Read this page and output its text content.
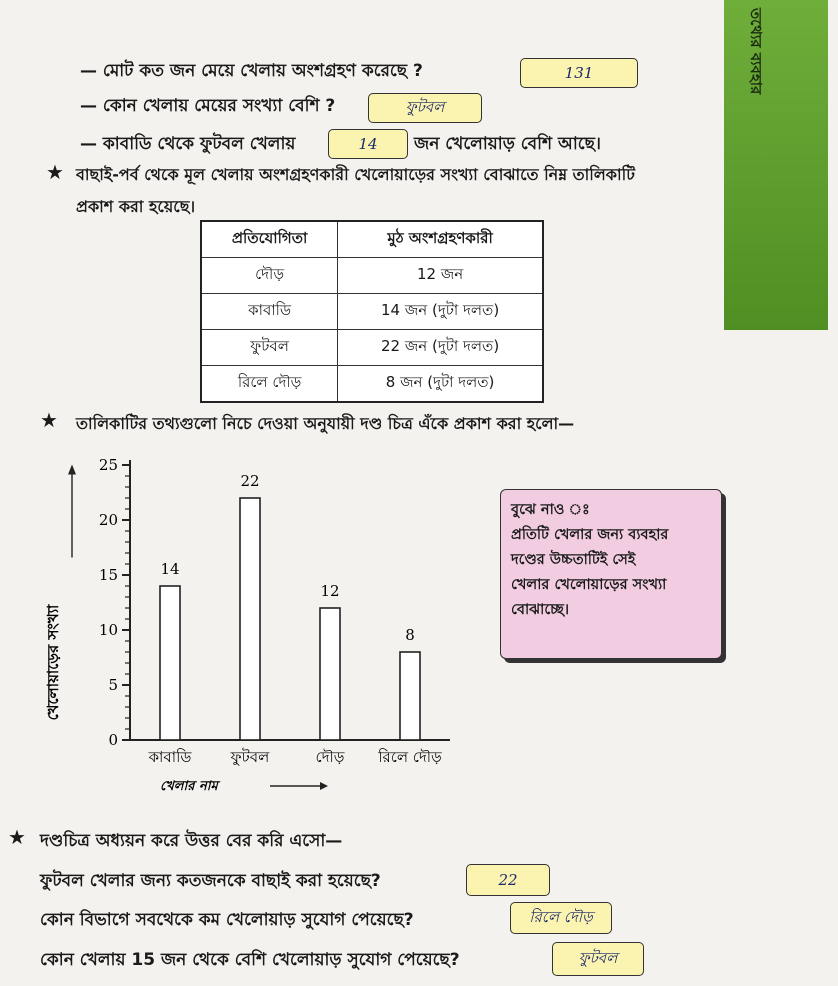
তথ্যের ব্যবহার
— মোট কত জন মেয়ে খেলায় অংশগ্রহণ করেছে ?	131
— কোন খেলায় মেয়ের সংখ্যা বেশি ?	ফুটবল
— কাবাডি থেকে ফুটবল খেলায়	14	জন খেলোয়াড় বেশি আছে।
★ বাছাই-পর্ব থেকে মূল খেলায় অংশগ্রহণকারী খেলোয়াড়ের সংখ্যা বোঝাতে নিম্ন তালিকাটি
প্রকাশ করা হয়েছে।
প্রতিযোগিতা	মুঠ অংশগ্রহণকারী
দৌড়	12 জন
কাবাডি	14 জন (দুটা দলত)
ফুটবল	22 জন (দুটা দলত)
রিলে দৌড়	8 জন (দুটা দলত)
★ তালিকাটির তথ্যগুলো নিচে দেওয়া অনুযায়ী দণ্ড চিত্র এঁকে প্রকাশ করা হলো—
0
5
10
15
20
25
14
কাবাডি
22
ফুটবল
12
দৌড়
8
রিলে দৌড়
খেলার নাম
খেলোয়াড়ের সংখ্যা
বুঝে নাও ঃ
প্রতিটি খেলার জন্য ব্যবহার
দণ্ডের উচ্চতাটিই সেই
খেলার খেলোয়াড়ের সংখ্যা
বোঝাচ্ছে।
★ দণ্ডচিত্র অধ্যয়ন করে উত্তর বের করি এসো—
ফুটবল খেলার জন্য কতজনকে বাছাই করা হয়েছে?	22
কোন বিভাগে সবথেকে কম খেলোয়াড় সুযোগ পেয়েছে?	রিলে দৌড়
কোন খেলায় 15 জন থেকে বেশি খেলোয়াড় সুযোগ পেয়েছে?	ফুটবল
